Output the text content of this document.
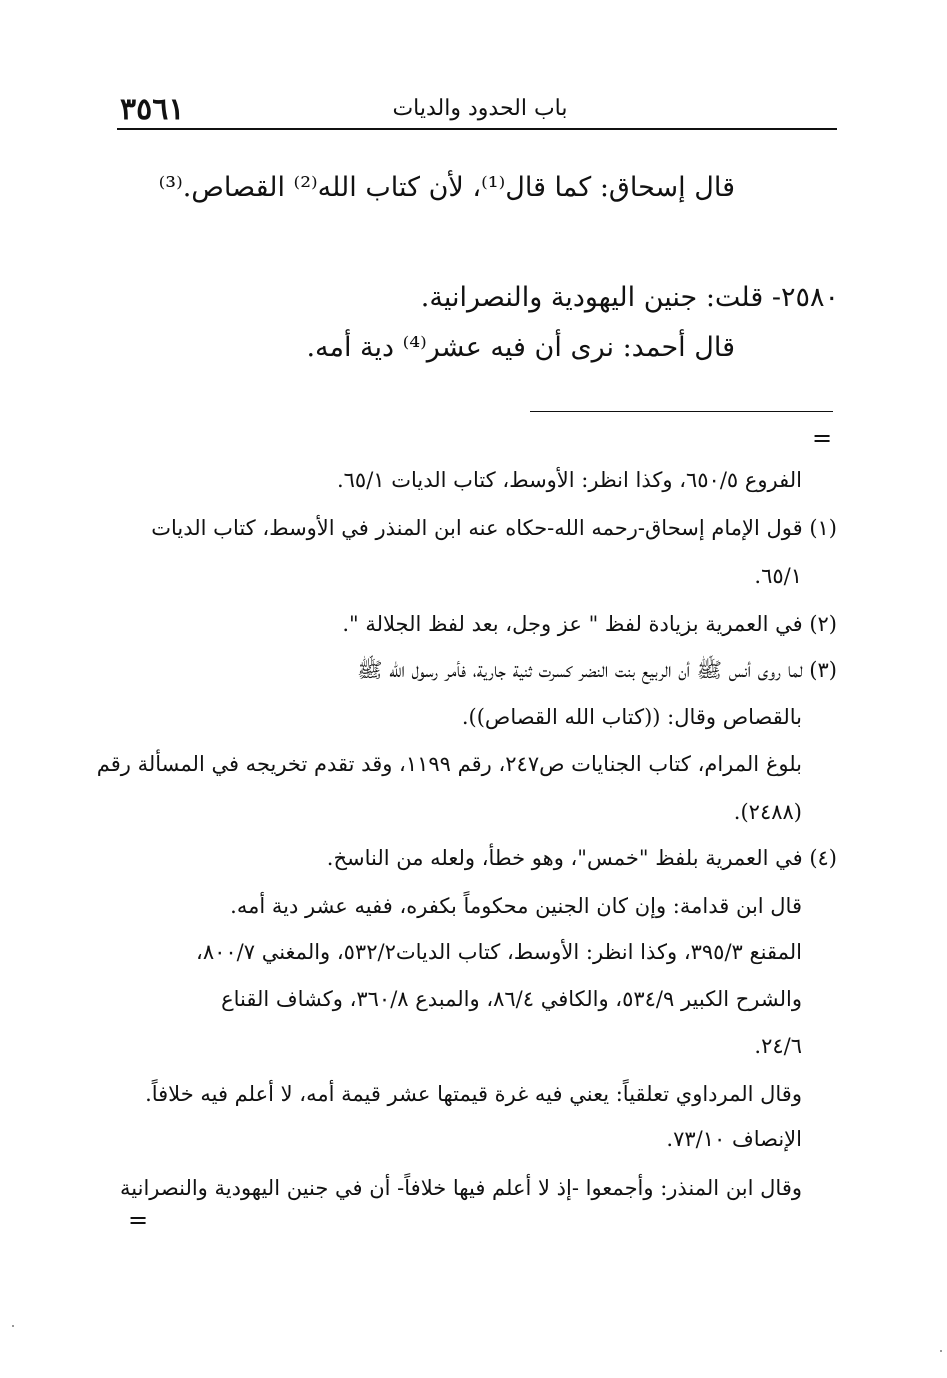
٣٥٦١	باب الحدود والديات
قال إسحاق: كما قال⁽¹⁾، لأن كتاب الله⁽²⁾ القصاص.⁽³⁾
٢٥٨٠- قلت: جنين اليهودية والنصرانية.
قال أحمد: نرى أن فيه عشر⁽⁴⁾ دية أمه.
=
الفروع ٦٥٠/٥، وكذا انظر: الأوسط، كتاب الديات ٦٥/١.
(١) قول الإمام إسحاق-رحمه الله-حكاه عنه ابن المنذر في الأوسط، كتاب الديات
٦٥/١.
(٢) في العمرية بزيادة لفظ " عز وجل، بعد لفظ الجلالة ".
(٣) لما روى أنس ﷺ أن الربيع بنت النضر كسرت ثنية جارية، فأمر رسول الله ﷺ
بالقصاص وقال: ((كتاب الله القصاص)).
بلوغ المرام، كتاب الجنايات ص٢٤٧، رقم ١١٩٩، وقد تقدم تخريجه في المسألة رقم
(٢٤٨٨).
(٤) في العمرية بلفظ "خمس"، وهو خطأ، ولعله من الناسخ.
قال ابن قدامة: وإن كان الجنين محكوماً بكفره، ففيه عشر دية أمه.
المقنع ٣٩٥/٣، وكذا انظر: الأوسط، كتاب الديات٥٣٢/٢، والمغني ٨٠٠/٧،
والشرح الكبير ٥٣٤/٩، والكافي ٨٦/٤، والمبدع ٣٦٠/٨، وكشاف القناع
٢٤/٦.
وقال المرداوي تعلقياً: يعني فيه غرة قيمتها عشر قيمة أمه، لا أعلم فيه خلافاً.
الإنصاف ٧٣/١٠.
وقال ابن المنذر: وأجمعوا -إذ لا أعلم فيها خلافاً- أن في جنين اليهودية والنصرانية
=
